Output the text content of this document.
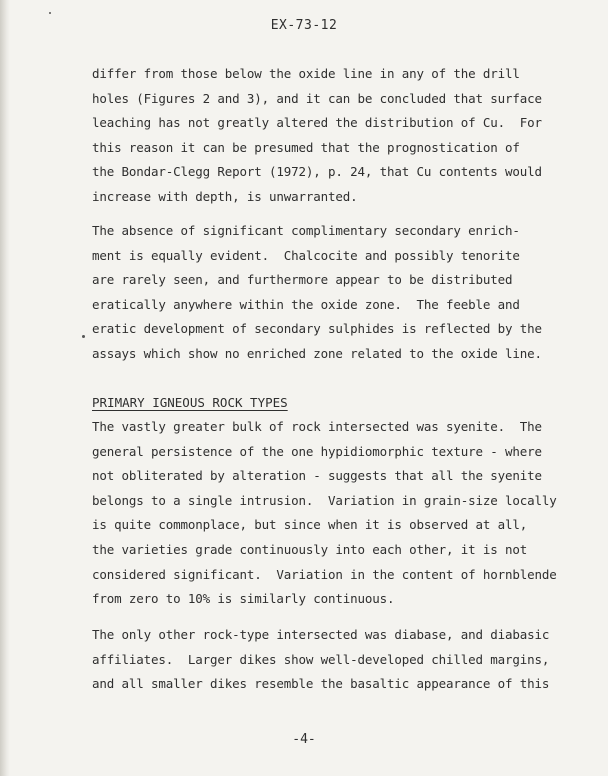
EX-73-12
differ from those below the oxide line in any of the drill
holes (Figures 2 and 3), and it can be concluded that surface
leaching has not greatly altered the distribution of Cu.  For
this reason it can be presumed that the prognostication of
the Bondar-Clegg Report (1972), p. 24, that Cu contents would
increase with depth, is unwarranted.
The absence of significant complimentary secondary enrich-
ment is equally evident.  Chalcocite and possibly tenorite
are rarely seen, and furthermore appear to be distributed
eratically anywhere within the oxide zone.  The feeble and
eratic development of secondary sulphides is reflected by the
assays which show no enriched zone related to the oxide line.
PRIMARY IGNEOUS ROCK TYPES
The vastly greater bulk of rock intersected was syenite.  The
general persistence of the one hypidiomorphic texture - where
not obliterated by alteration - suggests that all the syenite
belongs to a single intrusion.  Variation in grain-size locally
is quite commonplace, but since when it is observed at all,
the varieties grade continuously into each other, it is not
considered significant.  Variation in the content of hornblende
from zero to 10% is similarly continuous.
The only other rock-type intersected was diabase, and diabasic
affiliates.  Larger dikes show well-developed chilled margins,
and all smaller dikes resemble the basaltic appearance of this
-4-
